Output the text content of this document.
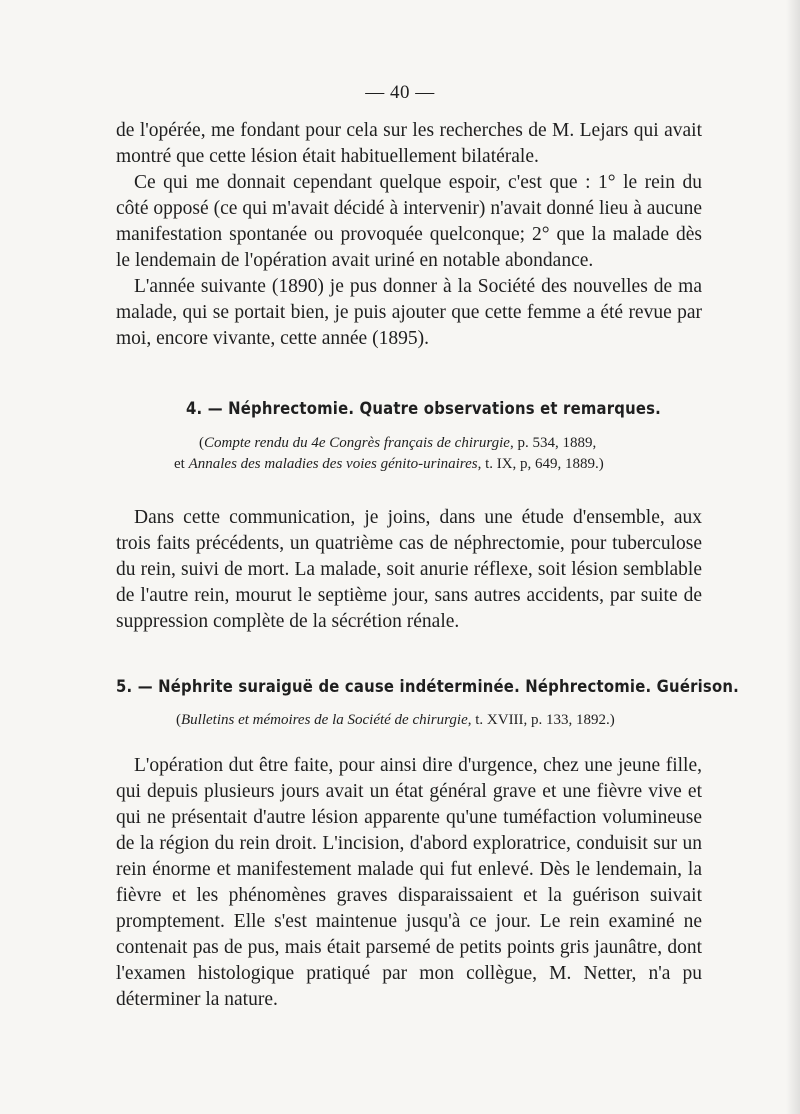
— 40 —

de l'opérée, me fondant pour cela sur les recherches de M. Lejars qui avait montré que cette lésion était habituellement bilatérale.

Ce qui me donnait cependant quelque espoir, c'est que : 1° le rein du côté opposé (ce qui m'avait décidé à intervenir) n'avait donné lieu à aucune manifestation spontanée ou provoquée quelconque; 2° que la malade dès le lendemain de l'opération avait uriné en notable abondance.

L'année suivante (1890) je pus donner à la Société des nouvelles de ma malade, qui se portait bien, je puis ajouter que cette femme a été revue par moi, encore vivante, cette année (1895).

4. — Néphrectomie. Quatre observations et remarques.
(Compte rendu du 4e Congrès français de chirurgie, p. 534, 1889,
et Annales des maladies des voies génito-urinaires, t. IX, p, 649, 1889.)

Dans cette communication, je joins, dans une étude d'ensemble, aux trois faits précédents, un quatrième cas de néphrectomie, pour tuberculose du rein, suivi de mort. La malade, soit anurie réflexe, soit lésion semblable de l'autre rein, mourut le septième jour, sans autres accidents, par suite de suppression complète de la sécrétion rénale.

5. — Néphrite suraiguë de cause indéterminée. Néphrectomie. Guérison.
(Bulletins et mémoires de la Société de chirurgie, t. XVIII, p. 133, 1892.)

L'opération dut être faite, pour ainsi dire d'urgence, chez une jeune fille, qui depuis plusieurs jours avait un état général grave et une fièvre vive et qui ne présentait d'autre lésion apparente qu'une tuméfaction volumineuse de la région du rein droit. L'incision, d'abord exploratrice, conduisit sur un rein énorme et manifestement malade qui fut enlevé. Dès le lendemain, la fièvre et les phénomènes graves disparaissaient et la guérison suivait promptement. Elle s'est maintenue jusqu'à ce jour. Le rein examiné ne contenait pas de pus, mais était parsemé de petits points gris jaunâtre, dont l'examen histologique pratiqué par mon collègue, M. Netter, n'a pu déterminer la nature.
